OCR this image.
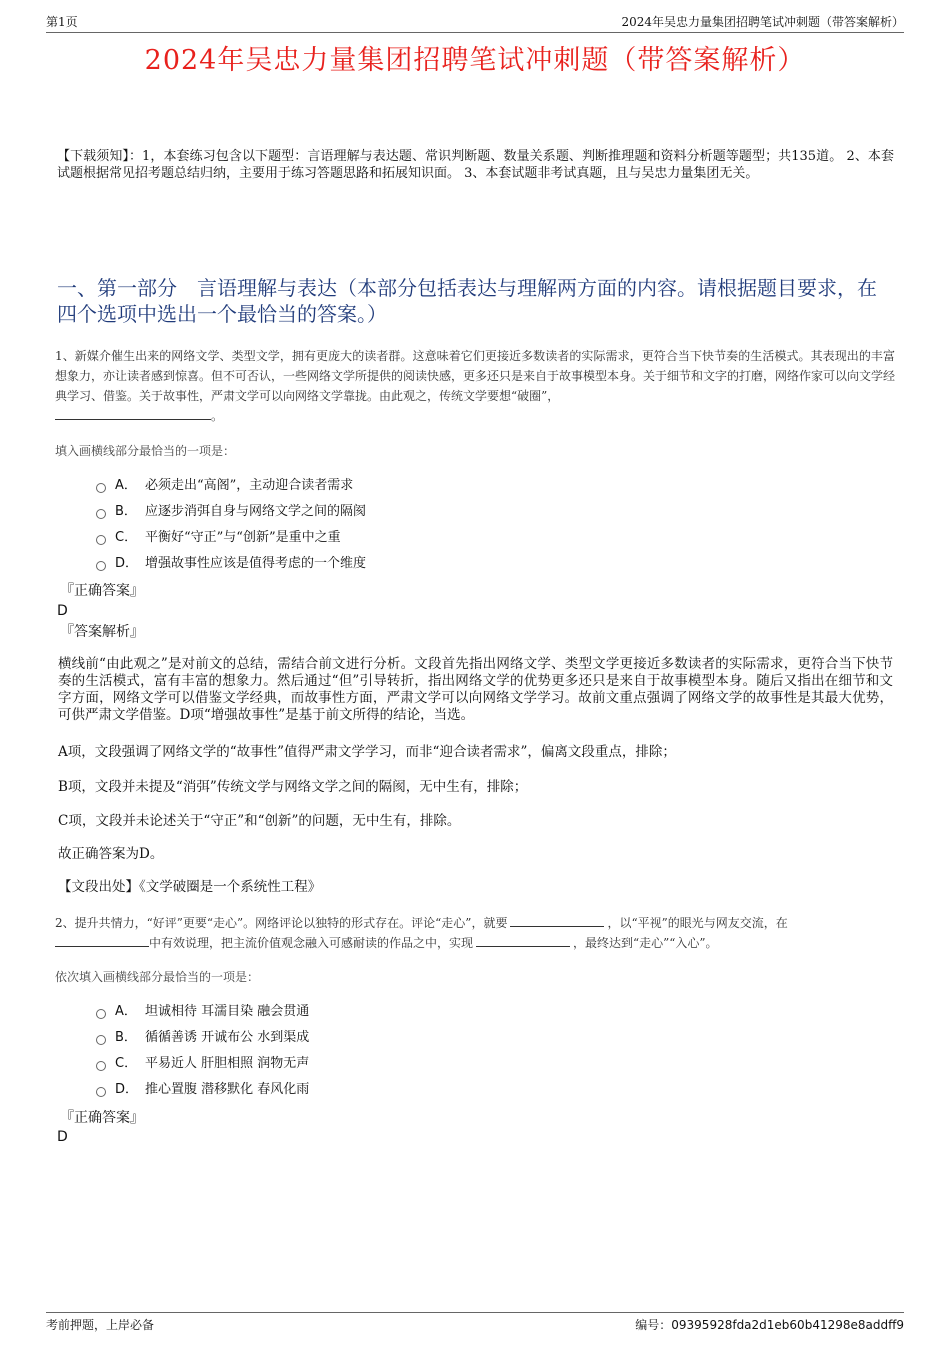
第1页	2024年吴忠力量集团招聘笔试冲刺题（带答案解析）
2024年吴忠力量集团招聘笔试冲刺题（带答案解析）
【下载须知】：1，本套练习包含以下题型：言语理解与表达题、常识判断题、数量关系题、判断推理题和资料分析题等题型；共135道。 2、本套试题根据常见招考题总结归纳，主要用于练习答题思路和拓展知识面。 3、本套试题非考试真题，且与吴忠力量集团无关。
一、第一部分　言语理解与表达（本部分包括表达与理解两方面的内容。请根据题目要求，在四个选项中选出一个最恰当的答案。）
1、新媒介催生出来的网络文学、类型文学，拥有更庞大的读者群。这意味着它们更接近多数读者的实际需求，更符合当下快节奏的生活模式。其表现出的丰富想象力，亦让读者感到惊喜。但不可否认，一些网络文学所提供的阅读快感，更多还只是来自于故事模型本身。关于细节和文字的打磨，网络作家可以向文学经典学习、借鉴。关于故事性，严肃文学可以向网络文学靠拢。由此观之，传统文学要想“破圈”，
。
填入画横线部分最恰当的一项是：
A． 必须走出“高阁”，主动迎合读者需求
B． 应逐步消弭自身与网络文学之间的隔阂
C． 平衡好“守正”与“创新”是重中之重
D． 增强故事性应该是值得考虑的一个维度
『正确答案』
D
『答案解析』
横线前“由此观之”是对前文的总结，需结合前文进行分析。文段首先指出网络文学、类型文学更接近多数读者的实际需求，更符合当下快节奏的生活模式，富有丰富的想象力。然后通过“但”引导转折，指出网络文学的优势更多还只是来自于故事模型本身。随后又指出在细节和文字方面，网络文学可以借鉴文学经典，而故事性方面，严肃文学可以向网络文学学习。故前文重点强调了网络文学的故事性是其最大优势，可供严肃文学借鉴。D项“增强故事性”是基于前文所得的结论，当选。
A项，文段强调了网络文学的“故事性”值得严肃文学学习，而非“迎合读者需求”，偏离文段重点，排除；
B项，文段并未提及“消弭”传统文学与网络文学之间的隔阂，无中生有，排除；
C项，文段并未论述关于“守正”和“创新”的问题，无中生有，排除。
故正确答案为D。
【文段出处】《文学破圈是一个系统性工程》
2、提升共情力，“好评”更要“走心”。网络评论以独特的形式存在。评论“走心”，就要	，以“平视”的眼光与网友交流，在
中有效说理，把主流价值观念融入可感耐读的作品之中，实现	，最终达到“走心”“入心”。
依次填入画横线部分最恰当的一项是：
A． 坦诚相待 耳濡目染 融会贯通
B． 循循善诱 开诚布公 水到渠成
C． 平易近人 肝胆相照 润物无声
D． 推心置腹 潜移默化 春风化雨
『正确答案』
D
考前押题，上岸必备	编号：09395928fda2d1eb60b41298e8addff9
